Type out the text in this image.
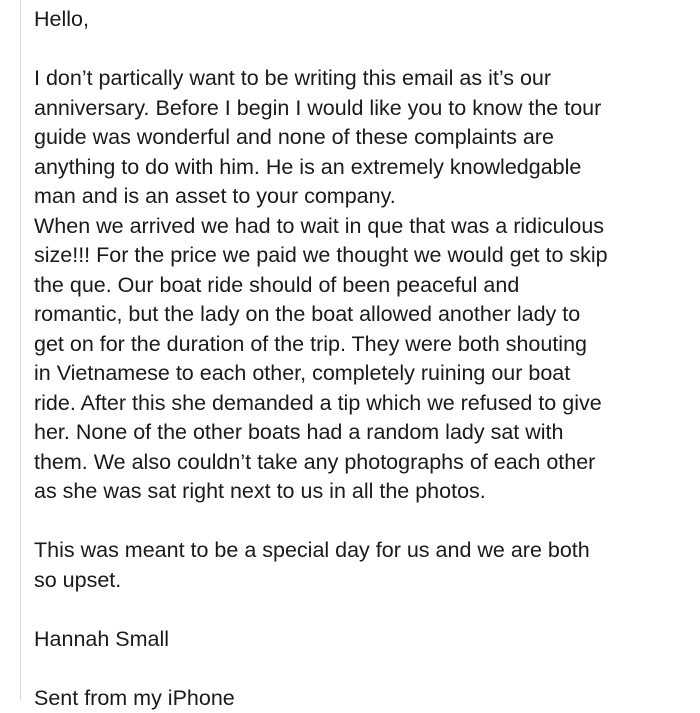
Hello,

I don’t partically want to be writing this email as it’s our
anniversary. Before I begin I would like you to know the tour
guide was wonderful and none of these complaints are
anything to do with him. He is an extremely knowledgable
man and is an asset to your company.
When we arrived we had to wait in que that was a ridiculous
size!!! For the price we paid we thought we would get to skip
the que. Our boat ride should of been peaceful and
romantic, but the lady on the boat allowed another lady to
get on for the duration of the trip. They were both shouting
in Vietnamese to each other, completely ruining our boat
ride. After this she demanded a tip which we refused to give
her. None of the other boats had a random lady sat with
them. We also couldn’t take any photographs of each other
as she was sat right next to us in all the photos.

This was meant to be a special day for us and we are both
so upset.

Hannah Small

Sent from my iPhone
